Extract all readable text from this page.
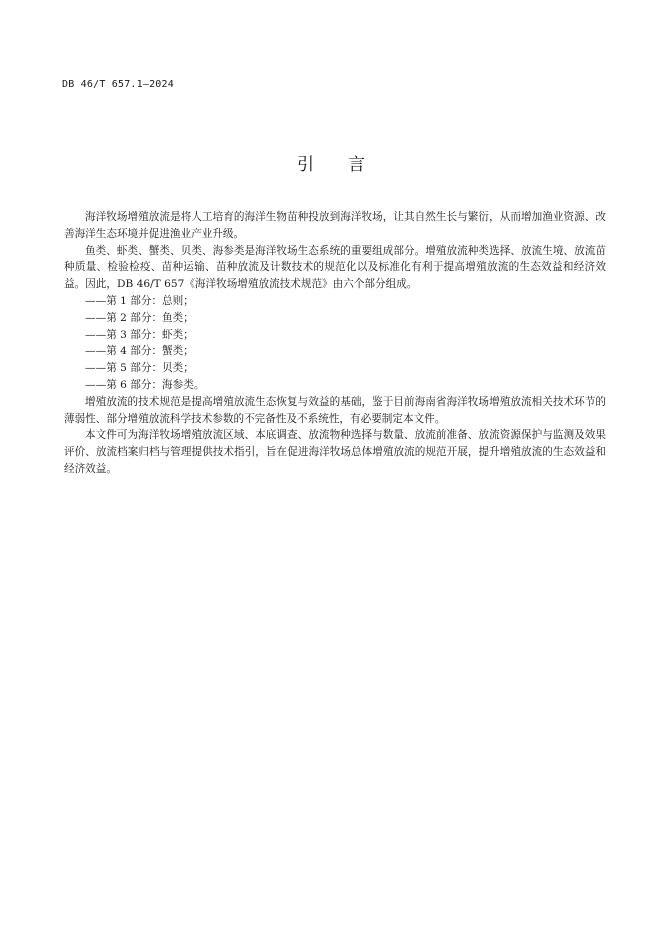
DB 46/T 657.1—2024
引 言

海洋牧场增殖放流是将人工培育的海洋生物苗种投放到海洋牧场，让其自然生长与繁衍，从而增加渔业资源、改善海洋生态环境并促进渔业产业升级。

鱼类、虾类、蟹类、贝类、海参类是海洋牧场生态系统的重要组成部分。增殖放流种类选择、放流生境、放流苗种质量、检验检疫、苗种运输、苗种放流及计数技术的规范化以及标准化有利于提高增殖放流的生态效益和经济效益。因此，DB 46/T 657《海洋牧场增殖放流技术规范》由六个部分组成。

——第 1 部分：总则；

——第 2 部分：鱼类；

——第 3 部分：虾类；

——第 4 部分：蟹类；

——第 5 部分：贝类；

——第 6 部分：海参类。

增殖放流的技术规范是提高增殖放流生态恢复与效益的基础，鉴于目前海南省海洋牧场增殖放流相关技术环节的薄弱性、部分增殖放流科学技术参数的不完备性及不系统性，有必要制定本文件。

本文件可为海洋牧场增殖放流区域、本底调查、放流物种选择与数量、放流前准备、放流资源保护与监测及效果评价、放流档案归档与管理提供技术指引，旨在促进海洋牧场总体增殖放流的规范开展，提升增殖放流的生态效益和经济效益。
